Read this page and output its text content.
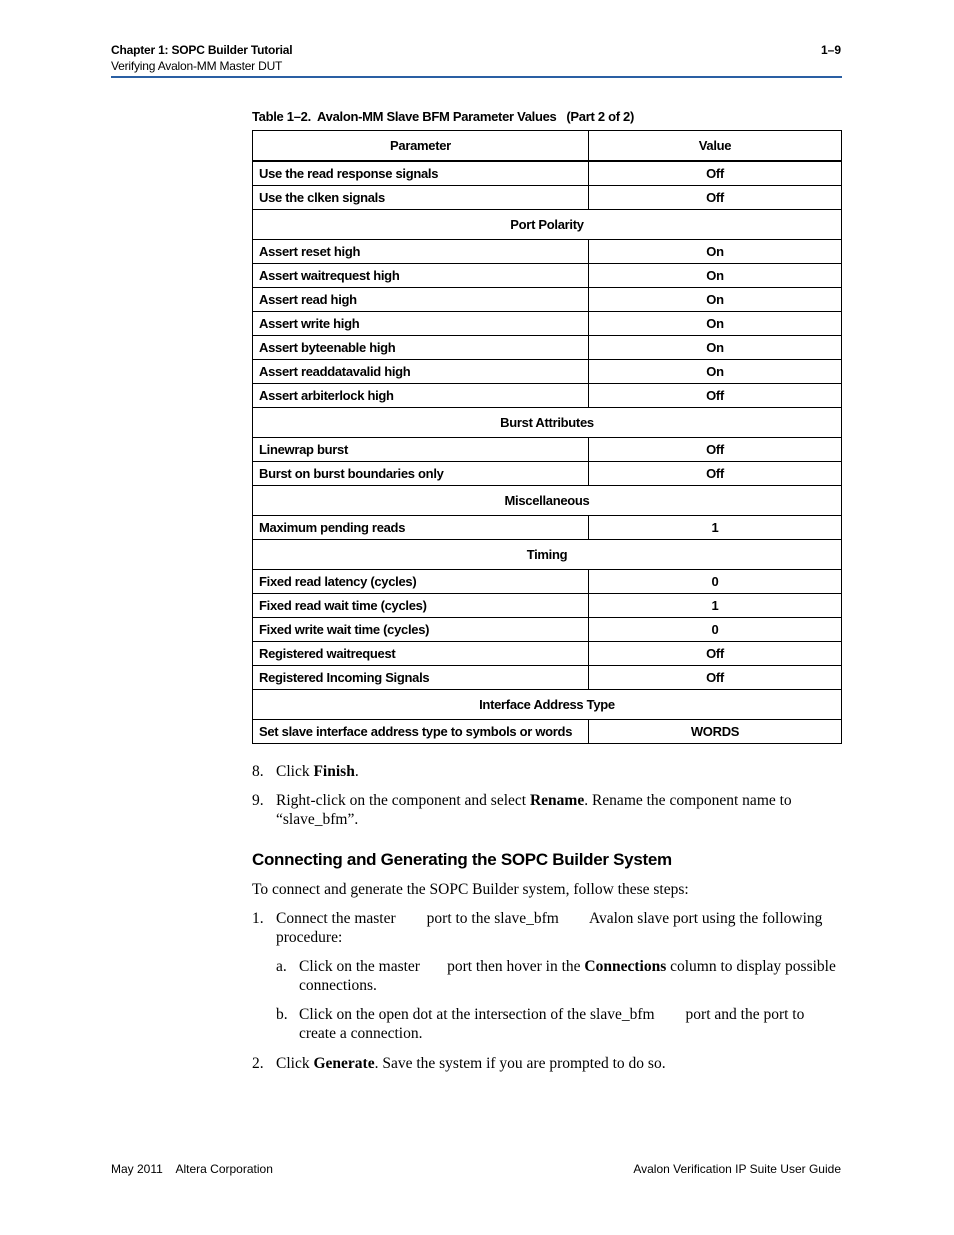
Chapter 1: SOPC Builder Tutorial
Verifying Avalon-MM Master DUT
1–9
Table 1–2.  Avalon-MM Slave BFM Parameter Values   (Part 2 of 2)
Parameter	Value
Use the read response signals	Off
Use the clken signals	Off
Port Polarity	
Assert reset high	On
Assert waitrequest high	On
Assert read high	On
Assert write high	On
Assert byteenable high	On
Assert readdatavalid high	On
Assert arbiterlock high	Off
Burst Attributes	
Linewrap burst	Off
Burst on burst boundaries only	Off
Miscellaneous	
Maximum pending reads	1
Timing	
Fixed read latency (cycles)	0
Fixed read wait time (cycles)	1
Fixed write wait time (cycles)	0
Registered waitrequest	Off
Registered Incoming Signals	Off
Interface Address Type	
Set slave interface address type to symbols or words	WORDS
8. Click Finish.
9. Right-click on the component and select Rename. Rename the component name to “slave_bfm”.
Connecting and Generating the SOPC Builder System
To connect and generate the SOPC Builder system, follow these steps:
1. Connect the master        port to the slave_bfm        Avalon slave port using the following procedure:
a. Click on the master       port then hover in the Connections column to display possible connections.
b. Click on the open dot at the intersection of the slave_bfm        port and the port to create a connection.
2. Click Generate. Save the system if you are prompted to do so.
May 2011    Altera Corporation	Avalon Verification IP Suite User Guide
